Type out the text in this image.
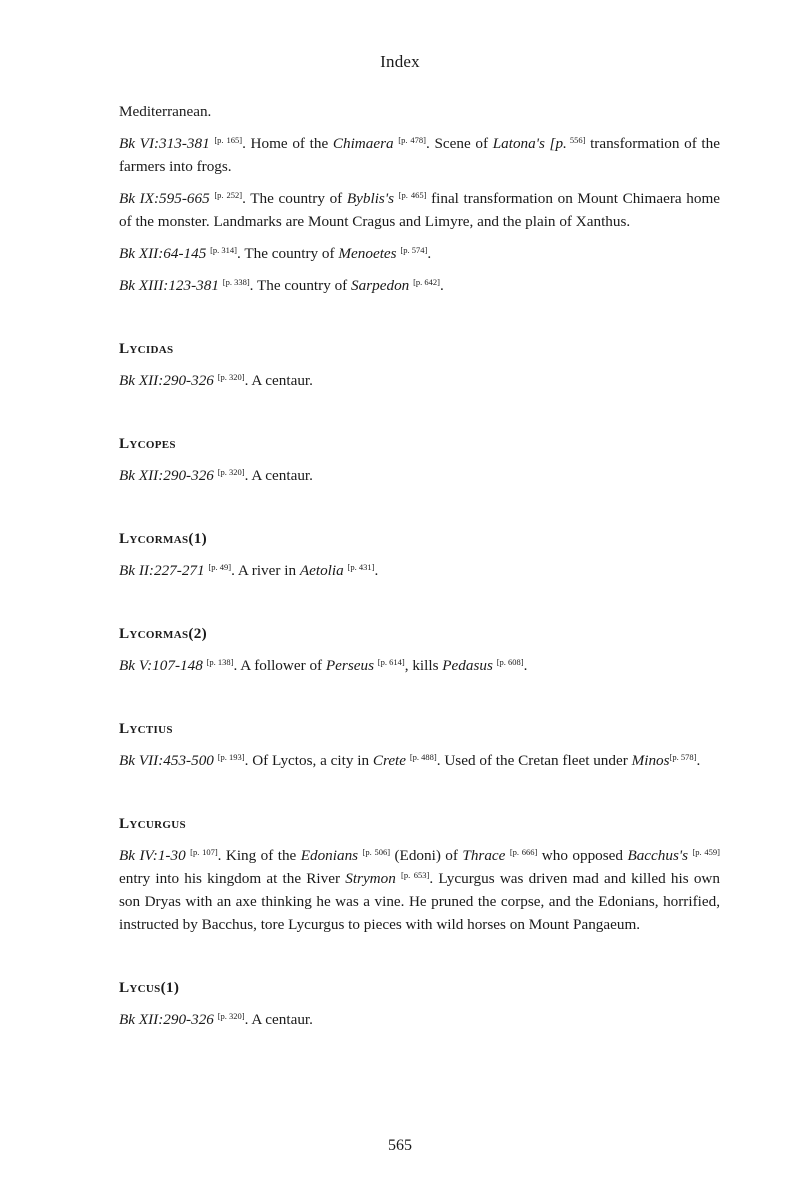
Index

Mediterranean.

Bk VI:313-381 [p. 165]. Home of the Chimaera [p. 478]. Scene of Latona's [p. $^{556]}$ transformation of the farmers into frogs.

Bk IX:595-665 [p. 252]. The country of Byblis's [p. 465] final transformation on Mount Chimaera home of the monster. Landmarks are Mount Cragus and Limyre, and the plain of Xanthus.

Bk XII:64-145 [p. 314]. The country of Menoetes [p. 574].

Bk XIII:123-381 [p. 338]. The country of Sarpedon [p. 642].

Lycidas

Bk XII:290-326 [p. 320]. A centaur.

Lycopes

Bk XII:290-326 [p. 320]. A centaur.

Lycormas(1)

Bk II:227-271 [p. 49]. A river in Aetolia [p. 431].

Lycormas(2)

Bk V:107-148 [p. 138]. A follower of Perseus [p. 614], kills Pedasus [p. 608].

Lyctius

Bk VII:453-500 [p. 193]. Of Lyctos, a city in Crete [p. 488]. Used of the Cretan fleet under Minos[p. 578].

Lycurgus

Bk IV:1-30 [p. 107]. King of the Edonians [p. 506] (Edoni) of Thrace [p. 666] who opposed Bacchus's [p. 459] entry into his kingdom at the River Strymon [p. 653]. Lycurgus was driven mad and killed his own son Dryas with an axe thinking he was a vine. He pruned the corpse, and the Edonians, horrified, instructed by Bacchus, tore Lycurgus to pieces with wild horses on Mount Pangaeum.

Lycus(1)

Bk XII:290-326 [p. 320]. A centaur.

565
